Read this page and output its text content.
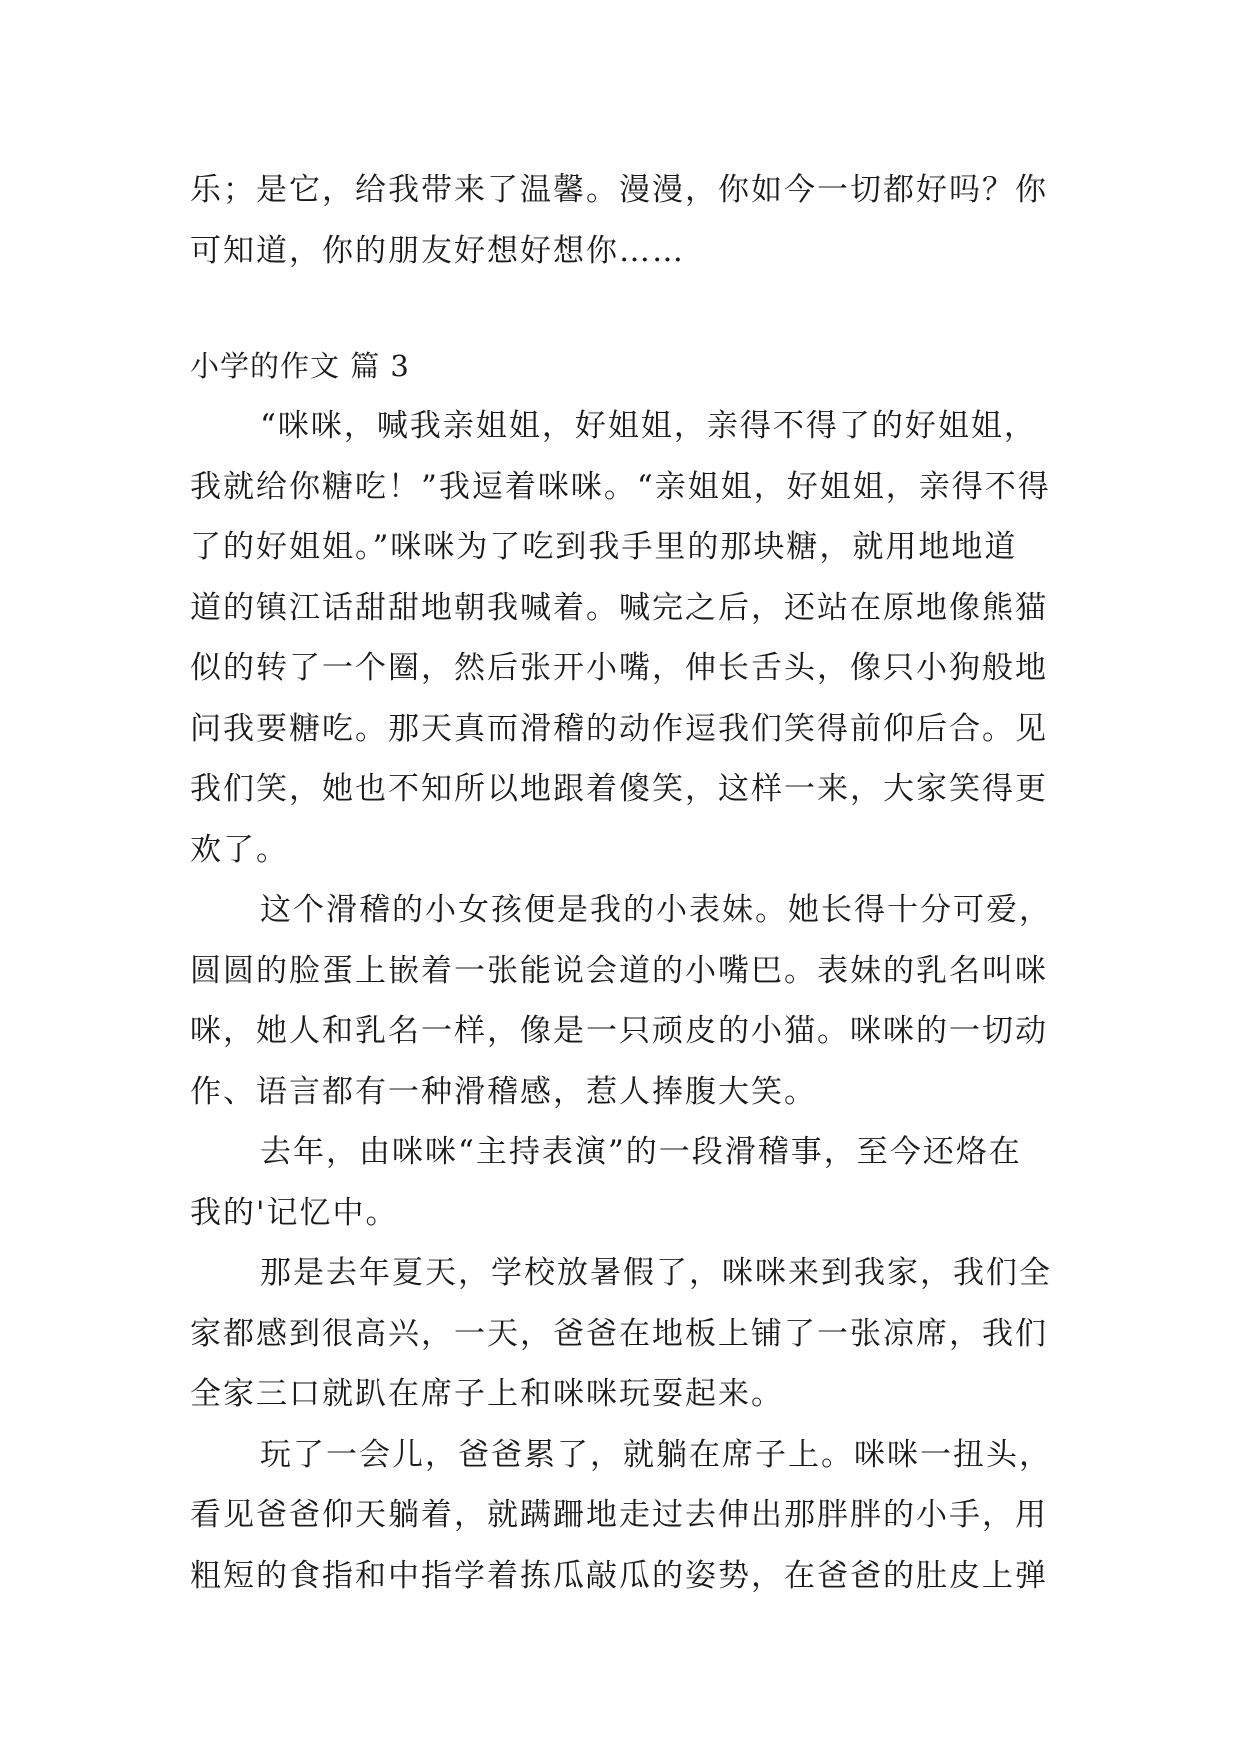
乐；是它，给我带来了温馨。漫漫，你如今一切都好吗？你
可知道，你的朋友好想好想你……

小学的作文 篇 3

“咪咪，喊我亲姐姐，好姐姐，亲得不得了的好姐姐，
我就给你糖吃！”我逗着咪咪。“亲姐姐，好姐姐，亲得不得
了的好姐姐。”咪咪为了吃到我手里的那块糖，就用地地道
道的镇江话甜甜地朝我喊着。喊完之后，还站在原地像熊猫
似的转了一个圈，然后张开小嘴，伸长舌头，像只小狗般地
问我要糖吃。那天真而滑稽的动作逗我们笑得前仰后合。见
我们笑，她也不知所以地跟着傻笑，这样一来，大家笑得更
欢了。

这个滑稽的小女孩便是我的小表妹。她长得十分可爱，
圆圆的脸蛋上嵌着一张能说会道的小嘴巴。表妹的乳名叫咪
咪，她人和乳名一样，像是一只顽皮的小猫。咪咪的一切动
作、语言都有一种滑稽感，惹人捧腹大笑。

去年，由咪咪“主持表演”的一段滑稽事，至今还烙在
我的'记忆中。

那是去年夏天，学校放暑假了，咪咪来到我家，我们全
家都感到很高兴，一天，爸爸在地板上铺了一张凉席，我们
全家三口就趴在席子上和咪咪玩耍起来。

玩了一会儿，爸爸累了，就躺在席子上。咪咪一扭头，
看见爸爸仰天躺着，就蹒跚地走过去伸出那胖胖的小手，用
粗短的食指和中指学着拣瓜敲瓜的姿势，在爸爸的肚皮上弹
